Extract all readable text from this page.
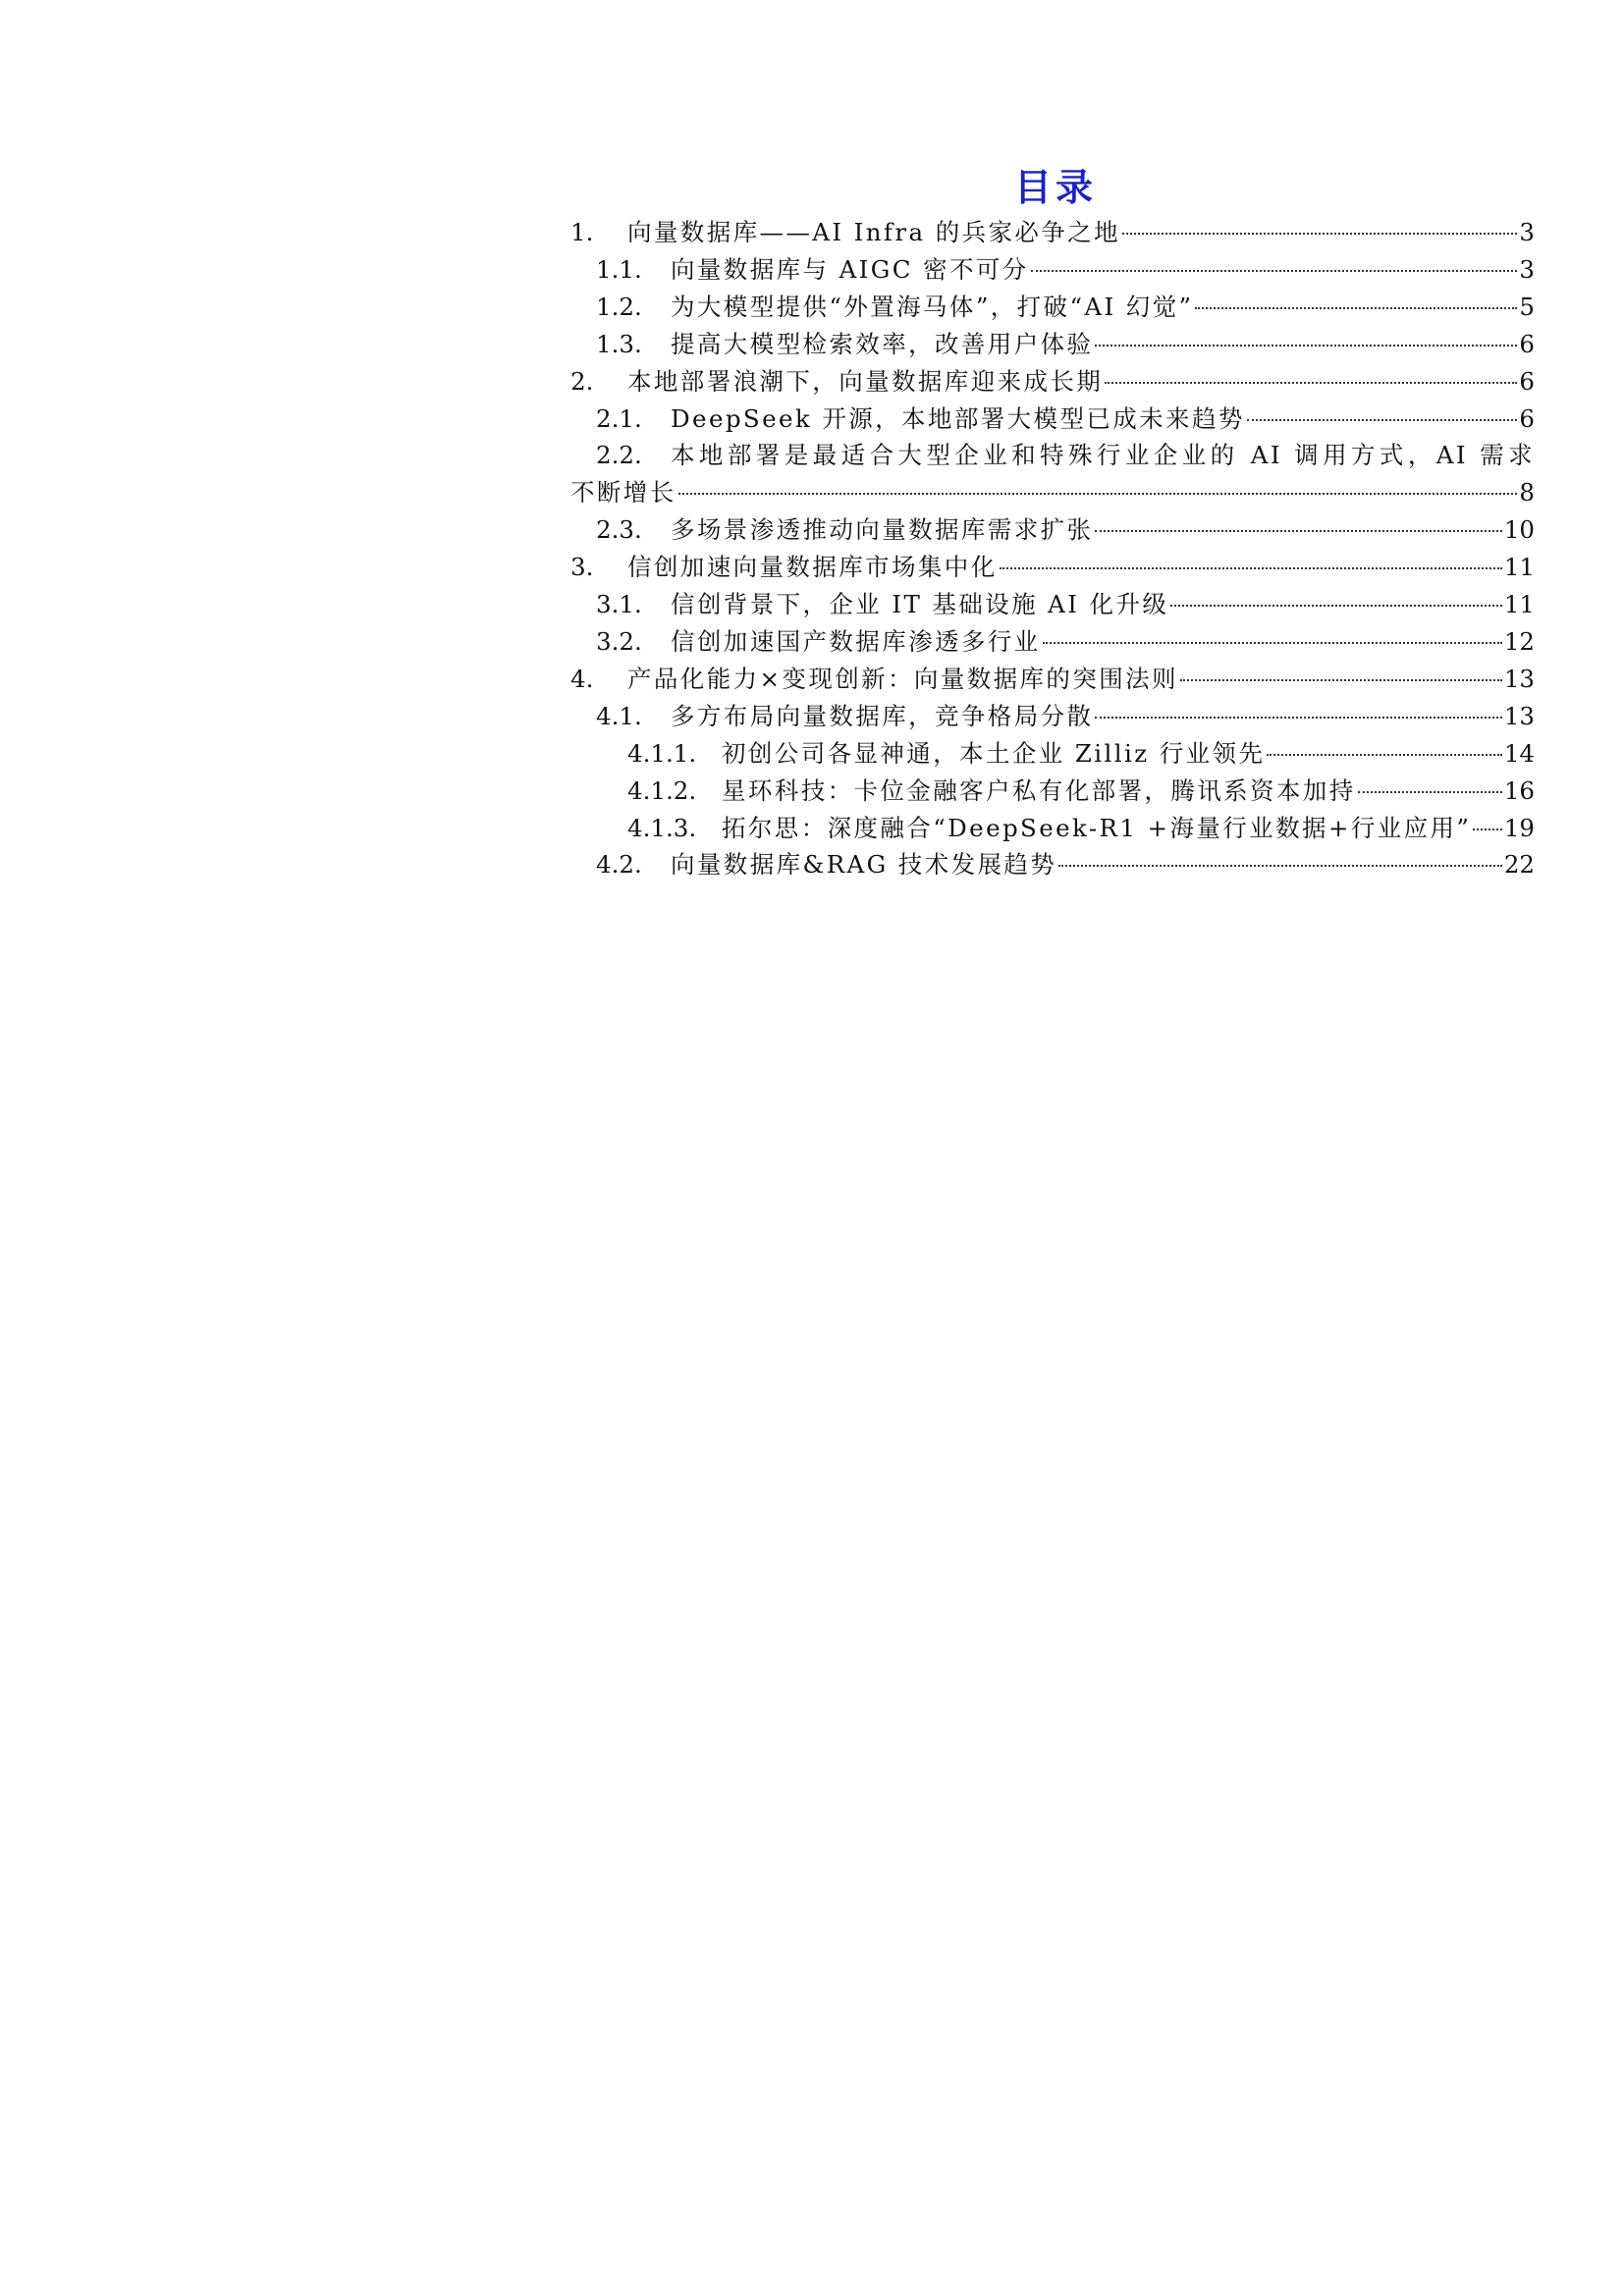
目录
1.	向量数据库——AI Infra 的兵家必争之地	3
1.1.	向量数据库与 AIGC 密不可分	3
1.2.	为大模型提供“外置海马体”，打破“AI 幻觉”	5
1.3.	提高大模型检索效率，改善用户体验	6
2.	本地部署浪潮下，向量数据库迎来成长期	6
2.1.	DeepSeek 开源，本地部署大模型已成未来趋势	6
2.2.	本地部署是最适合大型企业和特殊行业企业的 AI 调用方式，AI 需求
不断增长	8
2.3.	多场景渗透推动向量数据库需求扩张	10
3.	信创加速向量数据库市场集中化	11
3.1.	信创背景下，企业 IT 基础设施 AI 化升级	11
3.2.	信创加速国产数据库渗透多行业	12
4.	产品化能力×变现创新：向量数据库的突围法则	13
4.1.	多方布局向量数据库，竞争格局分散	13
4.1.1.	初创公司各显神通，本土企业 Zilliz 行业领先	14
4.1.2.	星环科技：卡位金融客户私有化部署，腾讯系资本加持	16
4.1.3.	拓尔思：深度融合“DeepSeek-R1 +海量行业数据+行业应用” 19
4.2.	向量数据库&RAG 技术发展趋势	22
